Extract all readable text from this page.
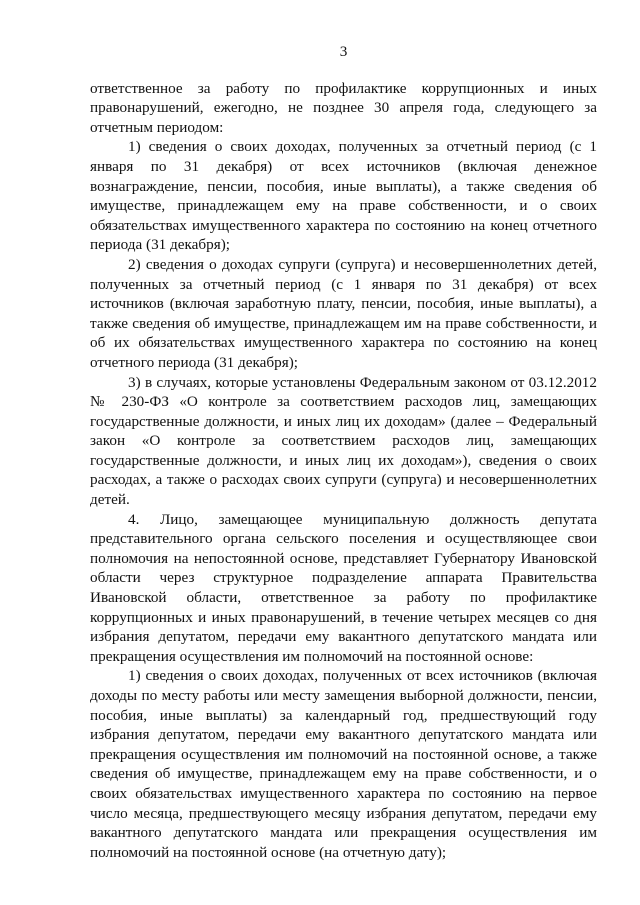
3

ответственное за работу по профилактике коррупционных и иных правонарушений, ежегодно, не позднее 30 апреля года, следующего за отчетным периодом:

1) сведения о своих доходах, полученных за отчетный период (с 1 января по 31 декабря) от всех источников (включая денежное вознаграждение, пенсии, пособия, иные выплаты), а также сведения об имуществе, принадлежащем ему на праве собственности, и о своих обязательствах имущественного характера по состоянию на конец отчетного периода (31 декабря);

2) сведения о доходах супруги (супруга) и несовершеннолетних детей, полученных за отчетный период (с 1 января по 31 декабря) от всех источников (включая заработную плату, пенсии, пособия, иные выплаты), а также сведения об имуществе, принадлежащем им на праве собственности, и об их обязательствах имущественного характера по состоянию на конец отчетного периода (31 декабря);

3) в случаях, которые установлены Федеральным законом от 03.12.2012 № 230-ФЗ «О контроле за соответствием расходов лиц, замещающих государственные должности, и иных лиц их доходам» (далее – Федеральный закон «О контроле за соответствием расходов лиц, замещающих государственные должности, и иных лиц их доходам»), сведения о своих расходах, а также о расходах своих супруги (супруга) и несовершеннолетних детей.

4. Лицо, замещающее муниципальную должность депутата представительного органа сельского поселения и осуществляющее свои полномочия на непостоянной основе, представляет Губернатору Ивановской области через структурное подразделение аппарата Правительства Ивановской области, ответственное за работу по профилактике коррупционных и иных правонарушений, в течение четырех месяцев со дня избрания депутатом, передачи ему вакантного депутатского мандата или прекращения осуществления им полномочий на постоянной основе:

1) сведения о своих доходах, полученных от всех источников (включая доходы по месту работы или месту замещения выборной должности, пенсии, пособия, иные выплаты) за календарный год, предшествующий году избрания депутатом, передачи ему вакантного депутатского мандата или прекращения осуществления им полномочий на постоянной основе, а также сведения об имуществе, принадлежащем ему на праве собственности, и о своих обязательствах имущественного характера по состоянию на первое число месяца, предшествующего месяцу избрания депутатом, передачи ему вакантного депутатского мандата или прекращения осуществления им полномочий на постоянной основе (на отчетную дату);
